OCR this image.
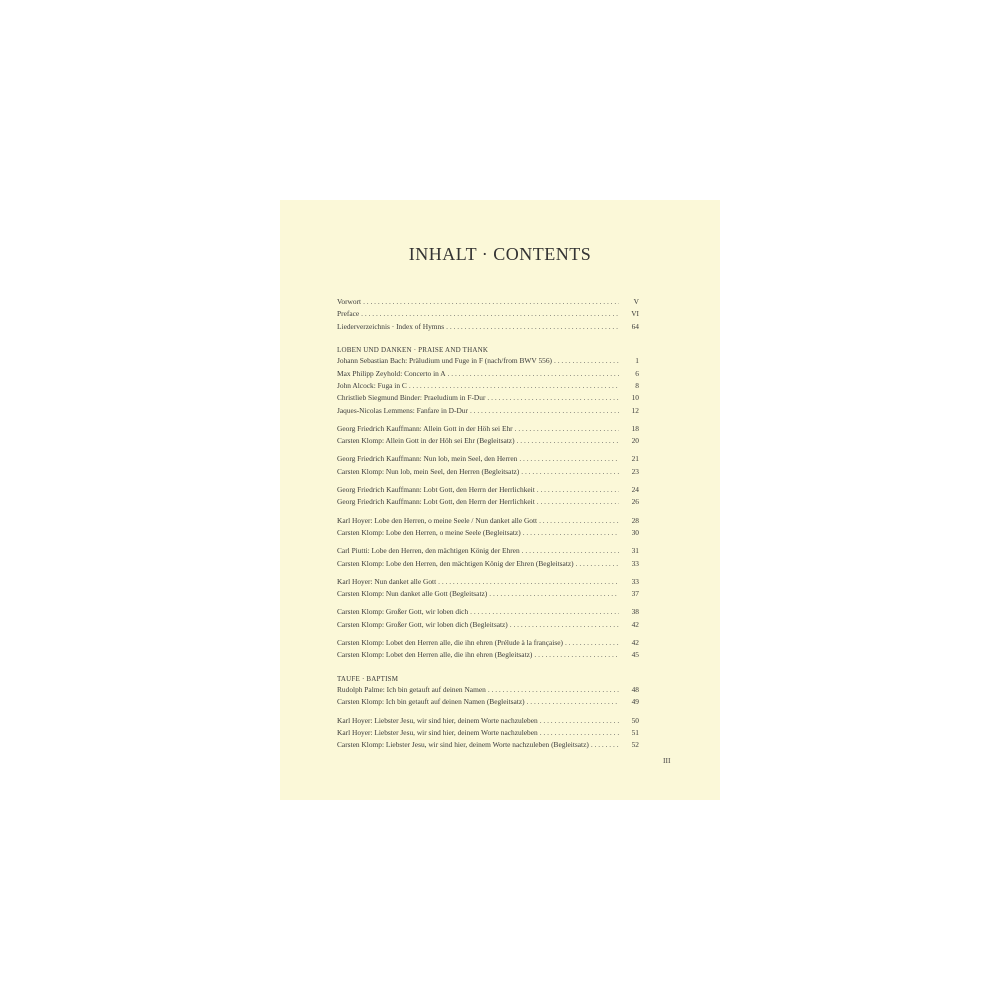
INHALT · CONTENTS
Vorwort . . .	V
Preface . . .	VI
Liederverzeichnis · Index of Hymns . . .	64
LOBEN UND DANKEN · PRAISE AND THANK
Johann Sebastian Bach: Präludium und Fuge in F (nach/from BWV 556) . . .	1
Max Philipp Zeyhold: Concerto in A . . .	6
John Alcock: Fuga in C . . .	8
Christlieb Siegmund Binder: Praeludium in F-Dur . . .	10
Jaques-Nicolas Lemmens: Fanfare in D-Dur . . .	12
Georg Friedrich Kauffmann: Allein Gott in der Höh sei Ehr . . .	18
Carsten Klomp: Allein Gott in der Höh sei Ehr (Begleitsatz) . . .	20
Georg Friedrich Kauffmann: Nun lob, mein Seel, den Herren . . .	21
Carsten Klomp: Nun lob, mein Seel, den Herren (Begleitsatz) . . .	23
Georg Friedrich Kauffmann: Lobt Gott, den Herrn der Herrlichkeit . . .	24
Georg Friedrich Kauffmann: Lobt Gott, den Herrn der Herrlichkeit . . .	26
Karl Hoyer: Lobe den Herren, o meine Seele / Nun danket alle Gott . . .	28
Carsten Klomp: Lobe den Herren, o meine Seele (Begleitsatz) . . .	30
Carl Piutti: Lobe den Herren, den mächtigen König der Ehren . . .	31
Carsten Klomp: Lobe den Herren, den mächtigen König der Ehren (Begleitsatz) . . .	33
Karl Hoyer: Nun danket alle Gott . . .	33
Carsten Klomp: Nun danket alle Gott (Begleitsatz) . . .	37
Carsten Klomp: Großer Gott, wir loben dich . . .	38
Carsten Klomp: Großer Gott, wir loben dich (Begleitsatz) . . .	42
Carsten Klomp: Lobet den Herren alle, die ihn ehren (Prélude à la française) . . .	42
Carsten Klomp: Lobet den Herren alle, die ihn ehren (Begleitsatz) . . .	45
TAUFE · BAPTISM
Rudolph Palme: Ich bin getauft auf deinen Namen . . .	48
Carsten Klomp: Ich bin getauft auf deinen Namen (Begleitsatz) . . .	49
Karl Hoyer: Liebster Jesu, wir sind hier, deinem Worte nachzuleben . . .	50
Karl Hoyer: Liebster Jesu, wir sind hier, deinem Worte nachzuleben . . .	51
Carsten Klomp: Liebster Jesu, wir sind hier, deinem Worte nachzuleben (Begleitsatz) . . .	52
III
